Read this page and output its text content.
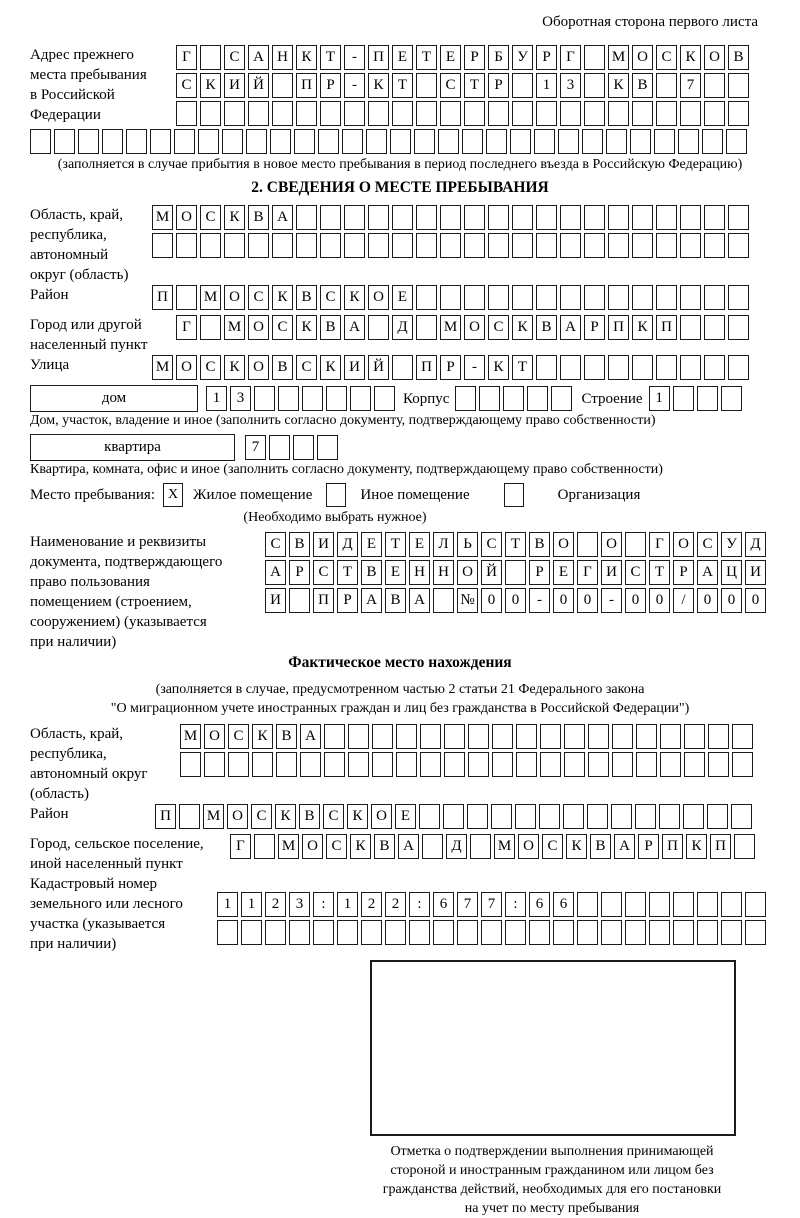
Оборотная сторона первого листа
Адрес прежнего
места пребывания
в Российской
Федерации
Г	С А Н К Т	-	П Е Т Е	Р	Б У Р	Г	М О С К О В
С К И Й	П Р	-	К Т	С Т	Р	1	3	К В	7
(заполняется в случае прибытия в новое место пребывания в период последнего въезда в Российскую Федерацию)
2. СВЕДЕНИЯ О МЕСТЕ ПРЕБЫВАНИЯ
Область, край,
республика,
автономный
округ (область)
М О С К В А
Район	П	М О С К В С К О Е
Город или другой
населенный пункт
Г	М О С К В А	Д	М О С К В А Р П К П
Улица	М О С К О В С К И Й	П Р	-	К Т
дом	1	3	Корпус	Строение 1
Дом, участок, владение и иное (заполнить согласно документу, подтверждающему право собственности)
квартира	7
Квартира, комната, офис и иное (заполнить согласно документу, подтверждающему право собственности)
Место пребывания: X Жилое помещение	Иное помещение	Организация
(Необходимо выбрать нужное)
Наименование и реквизиты
документа, подтверждающего
право пользования
помещением (строением,
сооружением) (указывается
при наличии)
С В И Д Е Т Е Л Ь С Т В О	О	Г О С У Д
А Р С Т В Е Н Н О Й	Р	Е	Г И С Т	Р А Ц И
И	П Р А В А	№ 0	0	-	0	0	-	0	0	/	0	0	0
Фактическое место нахождения
(заполняется в случае, предусмотренном частью 2 статьи 21 Федерального закона
"О миграционном учете иностранных граждан и лиц без гражданства в Российской Федерации")
Область, край,
республика,
автономный округ
(область)
М О С К В А
Район	П	М О С К В С К О Е
Город, сельское поселение,
иной населенный пункт
Г	М О С К В А	Д	М О С К В А Р П К П
Кадастровый номер
земельного или лесного
участка (указывается
при наличии)
1	1	2	3	:	1	2	2	:	6	7	7	:	6	6
Отметка о подтверждении выполнения принимающей
стороной и иностранным гражданином или лицом без
гражданства действий, необходимых для его постановки
на учет по месту пребывания
